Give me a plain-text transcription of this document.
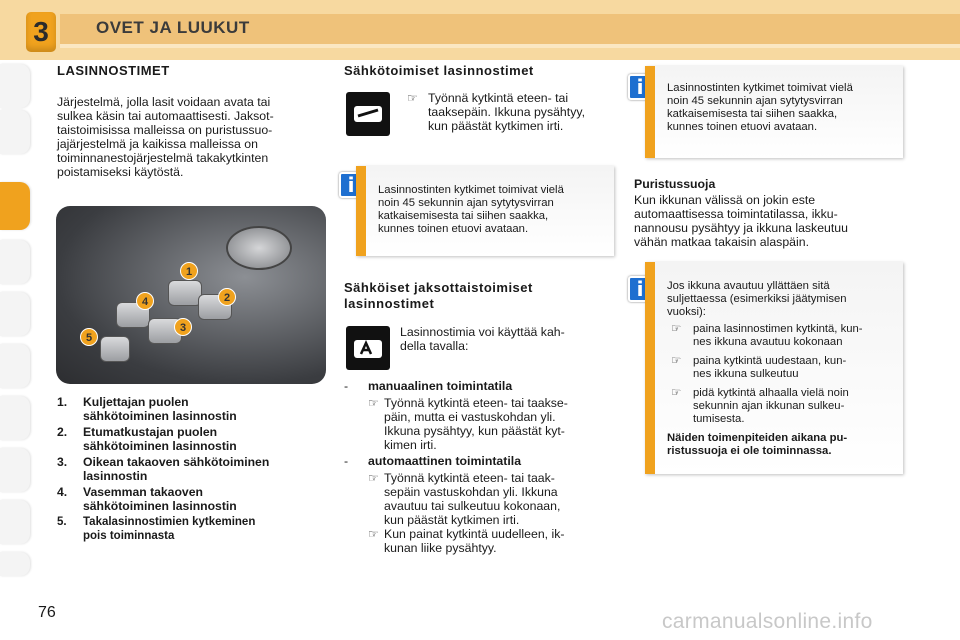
3	OVET JA LUUKUT
LASINNOSTIMET
Järjestelmä, jolla lasit voidaan avata tai
sulkea käsin tai automaattisesti. Jaksot-
taistoimisissa malleissa on puristussuo-
jajärjestelmä ja kaikissa malleissa on
toiminnanestojärjestelmä takakytkinten
poistamiseksi käytöstä.
1
2
3
4
5
1. Kuljettajan puolen
sähkötoiminen lasinnostin
2. Etumatkustajan puolen
sähkötoiminen lasinnostin
3. Oikean takaoven sähkötoiminen
lasinnostin
4. Vasemman takaoven
sähkötoiminen lasinnostin
5. Takalasinnostimien kytkeminen
pois toiminnasta
Sähkötoimiset lasinnostimet
☞ Työnnä kytkintä eteen- tai
taaksepäin. Ikkuna pysähtyy,
kun päästät kytkimen irti.
i	Lasinnostinten kytkimet toimivat vielä
noin 45 sekunnin ajan sytytysvirran
katkaisemisesta tai siihen saakka,
kunnes toinen etuovi avataan.
Sähköiset jaksottaistoimiset
lasinnostimet
Lasinnostimia voi käyttää kah-
della tavalla:
- manuaalinen toimintatila
☞ Työnnä kytkintä eteen- tai taakse-
päin, mutta ei vastuskohdan yli.
Ikkuna pysähtyy, kun päästät kyt-
kimen irti.
- automaattinen toimintatila
☞ Työnnä kytkintä eteen- tai taak-
sepäin vastuskohdan yli. Ikkuna
avautuu tai sulkeutuu kokonaan,
kun päästät kytkimen irti.
☞ Kun painat kytkintä uudelleen, ik-
kunan liike pysähtyy.
i	Lasinnostinten kytkimet toimivat vielä
noin 45 sekunnin ajan sytytysvirran
katkaisemisesta tai siihen saakka,
kunnes toinen etuovi avataan.
Puristussuoja
Kun ikkunan välissä on jokin este
automaattisessa toimintatilassa, ikku-
nannousu pysähtyy ja ikkuna laskeutuu
vähän matkaa takaisin alaspäin.
i	Jos ikkuna avautuu yllättäen sitä
suljettaessa (esimerkiksi jäätymisen
vuoksi):
☞ paina lasinnostimen kytkintä, kun-
nes ikkuna avautuu kokonaan
☞ paina kytkintä uudestaan, kun-
nes ikkuna sulkeutuu
☞ pidä kytkintä alhaalla vielä noin
sekunnin ajan ikkunan sulkeu-
tumisesta.
Näiden toimenpiteiden aikana pu-
ristussuoja ei ole toiminnassa.
76	carmanualsonline.info
